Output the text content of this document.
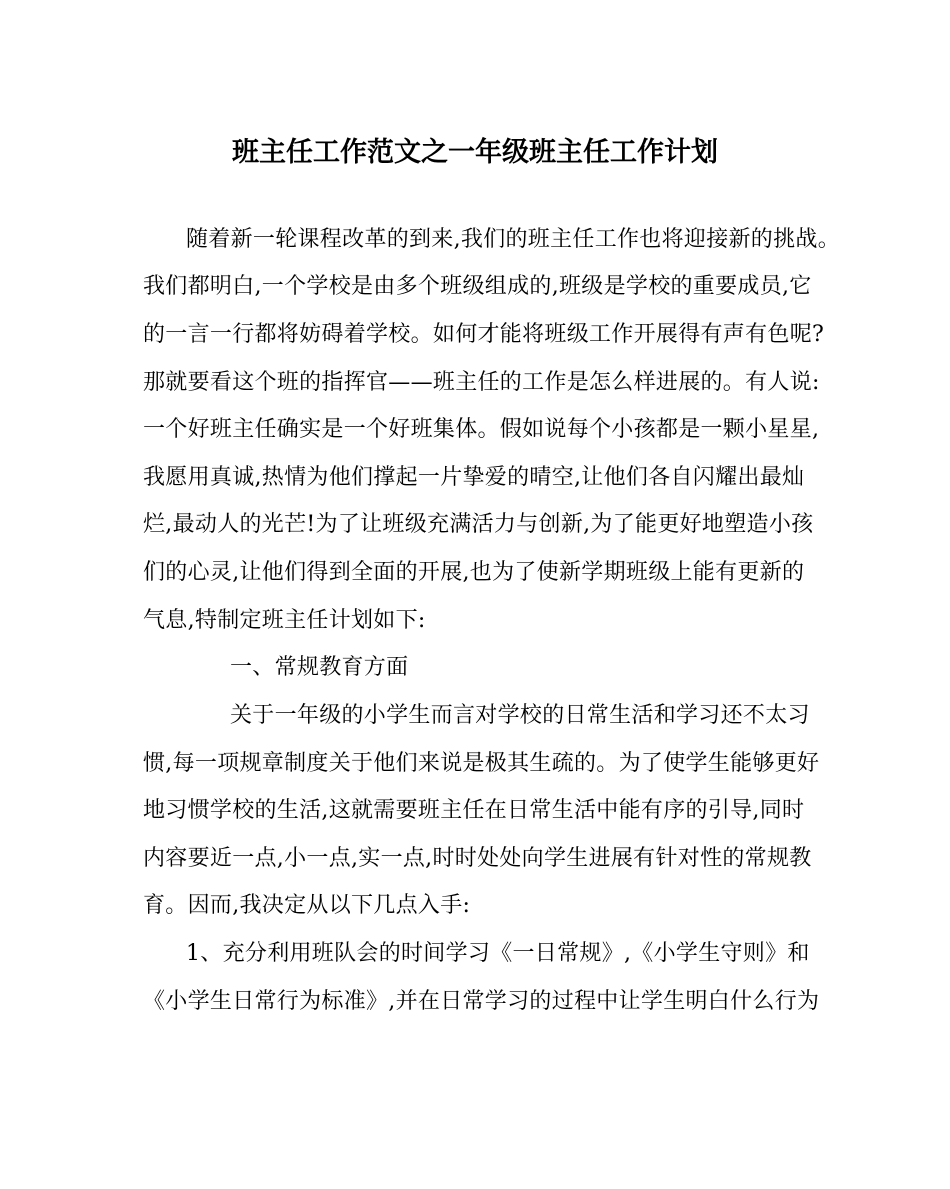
班主任工作范文之一年级班主任工作计划
随着新一轮课程改革的到来,我们的班主任工作也将迎接新的挑战。
我们都明白,一个学校是由多个班级组成的,班级是学校的重要成员,它
的一言一行都将妨碍着学校。如何才能将班级工作开展得有声有色呢?
那就要看这个班的指挥官——班主任的工作是怎么样进展的。有人说:
一个好班主任确实是一个好班集体。假如说每个小孩都是一颗小星星,
我愿用真诚,热情为他们撑起一片挚爱的晴空,让他们各自闪耀出最灿
烂,最动人的光芒!为了让班级充满活力与创新,为了能更好地塑造小孩
们的心灵,让他们得到全面的开展,也为了使新学期班级上能有更新的
气息,特制定班主任计划如下:
一、常规教育方面
关于一年级的小学生而言对学校的日常生活和学习还不太习
惯,每一项规章制度关于他们来说是极其生疏的。为了使学生能够更好
地习惯学校的生活,这就需要班主任在日常生活中能有序的引导,同时
内容要近一点,小一点,实一点,时时处处向学生进展有针对性的常规教
育。因而,我决定从以下几点入手:
1、充分利用班队会的时间学习《一日常规》,《小学生守则》和
《小学生日常行为标准》,并在日常学习的过程中让学生明白什么行为
